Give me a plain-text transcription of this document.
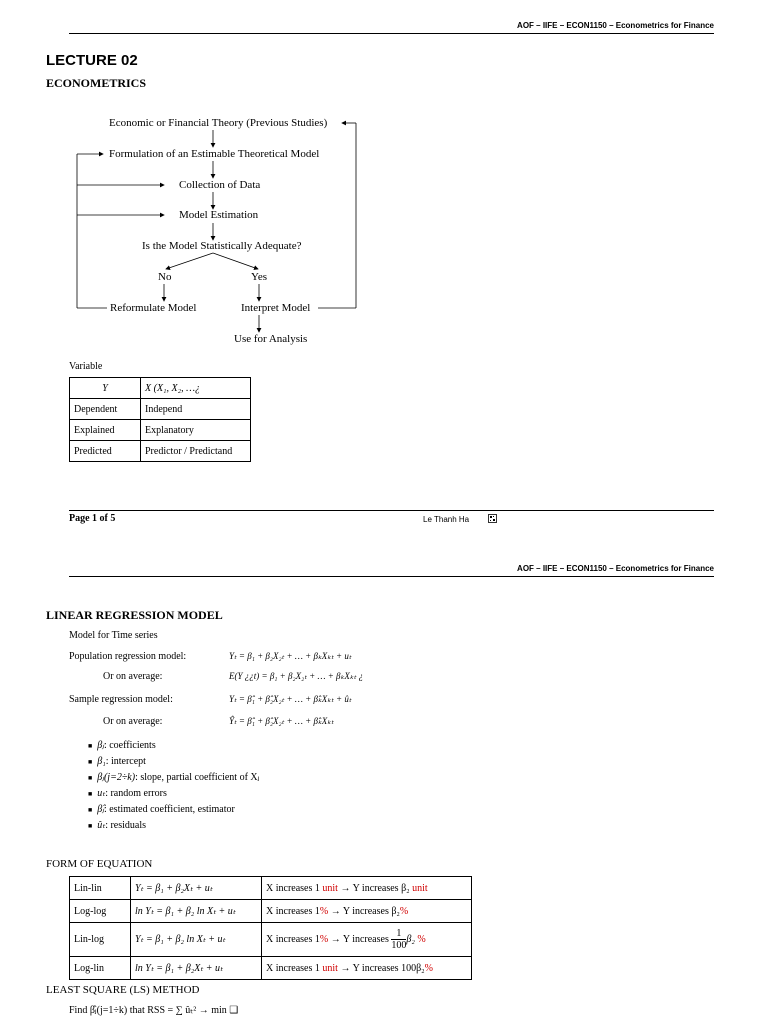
AOF – IIFE – ECON1150 – Econometrics for Finance
LECTURE 02
ECONOMETRICS
Economic or Financial Theory (Previous Studies)
Formulation of an Estimable Theoretical Model
Collection of Data
Model Estimation
Is the Model Statistically Adequate?
No	Yes
Reformulate Model	Interpret Model
Use for Analysis
Variable
Y	X (X₁, X₂, …¿
Dependent	Independ
Explained	Explanatory
Predicted	Predictor / Predictand
Page 1 of 5	Le Thanh Ha
AOF – IIFE – ECON1150 – Econometrics for Finance
LINEAR REGRESSION MODEL
Model for Time series
Population regression model:	Yₜ = β₁ + β₂X₂ₜ + … + βₖXₖₜ + uₜ
Or on average:	E(Y ¿¿t) = β₁ + β₂X₂ₜ + … + βₖXₖₜ ¿
Sample regression model:	Yₜ = β̂₁ + β̂₂X₂ₜ + … + β̂ₖXₖₜ + ûₜ
Or on average:	Ŷₜ = β̂₁ + β̂₂X₂ₜ + … + β̂ₖXₖₜ
■ βⱼ: coefficients
■ β₁: intercept
■ βⱼ(j=2÷k): slope, partial coefficient of Xⱼ
■ uₜ: random errors
■ β̂ⱼ: estimated coefficient, estimator
■ ûₜ: residuals
FORM OF EQUATION
Lin-lin	Yₜ = β₁ + β₂Xₜ + uₜ	X increases 1 unit → Y increases β₂ unit
Log-log	ln Yₜ = β₁ + β₂ ln Xₜ + uₜ	X increases 1% → Y increases β₂%
Lin-log	Yₜ = β₁ + β₂ ln Xₜ + uₜ	X increases 1% → Y increases $\frac{1}{100} \beta_2$ %
Log-lin	ln Yₜ = β₁ + β₂Xₜ + uₜ	X increases 1 unit → Y increases 100β₂%
LEAST SQUARE (LS) METHOD
Find β̂ⱼ(j=1÷k) that RSS = ∑ ûₜ² → min ❑
